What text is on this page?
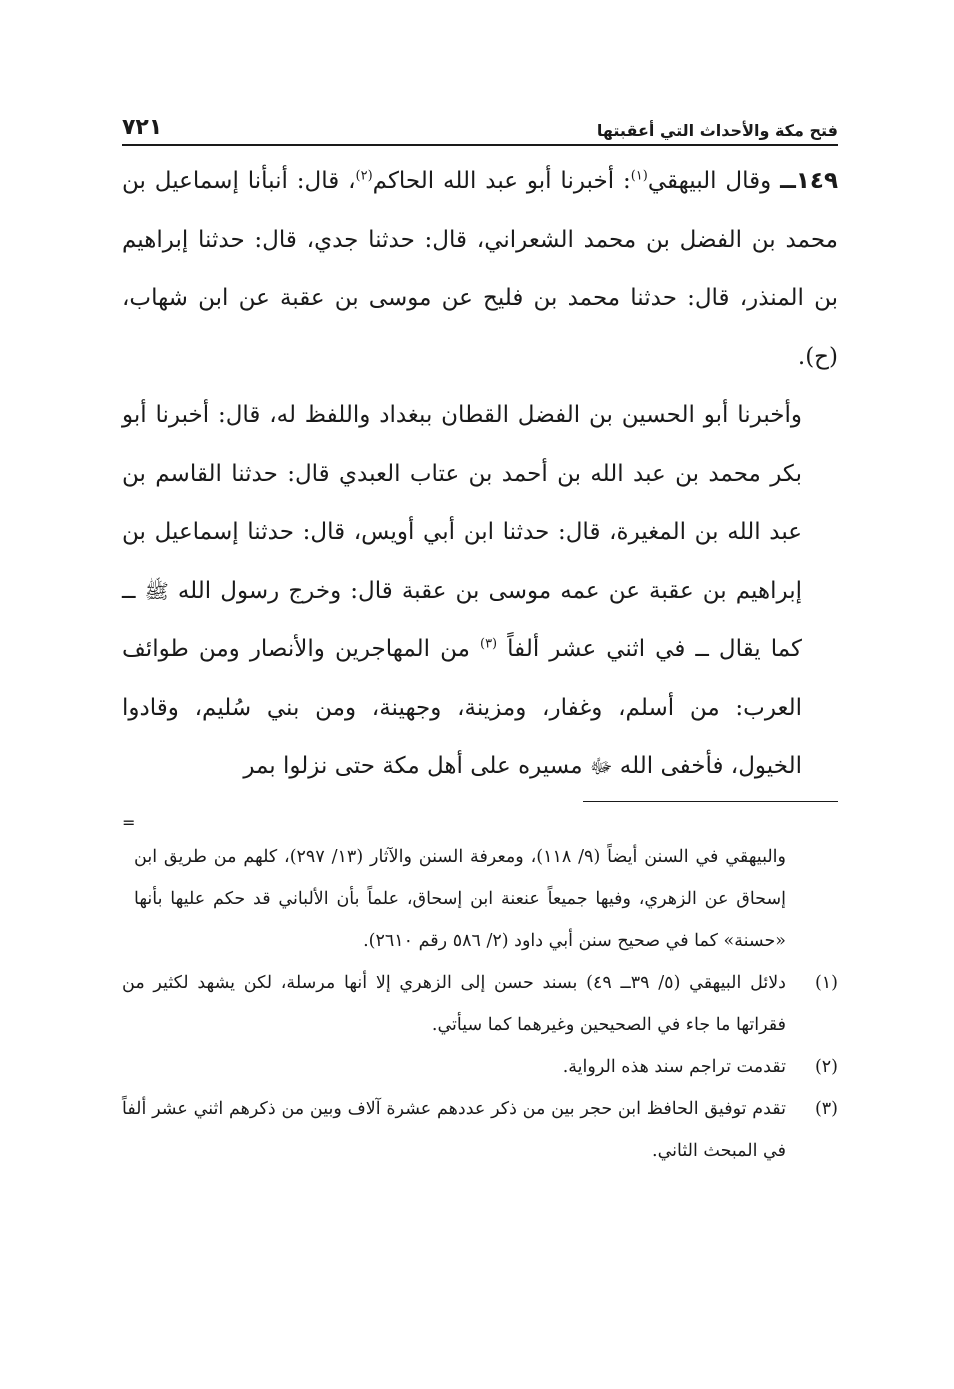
فتح مكة والأحداث التي أعقبتها
٧٢١

١٤٩ــ وقال البيهقي$^{(١)}$: أخبرنا أبو عبد الله الحاكم$^{(٢)}$، قال: أنبأنا إسماعيل بن محمد بن الفضل بن محمد الشعراني، قال: حدثنا جدي، قال: حدثنا إبراهيم بن المنذر، قال: حدثنا محمد بن فليح عن موسى بن عقبة عن ابن شهاب، (ح).

وأخبرنا أبو الحسين بن الفضل القطان ببغداد واللفظ له، قال: أخبرنا أبو بكر محمد بن عبد الله بن أحمد بن عتاب العبدي قال: حدثنا القاسم بن عبد الله بن المغيرة، قال: حدثنا ابن أبي أويس، قال: حدثنا إسماعيل بن إبراهيم بن عقبة عن عمه موسى بن عقبة قال: وخرج رسول الله ﷺ ــ كما يقال ــ في اثني عشر ألفاً $^{(٣)}$ من المهاجرين والأنصار ومن طوائف العرب: من أسلم، وغفار، ومزينة، وجهينة، ومن بني سُليم، وقادوا الخيول، فأخفى الله ﷻ مسيره على أهل مكة حتى نزلوا بمر

=

والبيهقي في السنن أيضاً (٩/ ١١٨)، ومعرفة السنن والآثار (١٣/ ٢٩٧)، كلهم من طريق ابن إسحاق عن الزهري، وفيها جميعاً عنعنة ابن إسحاق، علماً بأن الألباني قد حكم عليها بأنها «حسنة» كما في صحيح سنن أبي داود (٢/ ٥٨٦ رقم ٢٦١٠).

(١)

دلائل البيهقي (٥/ ٣٩ــ ٤٩) بسند حسن إلى الزهري إلا أنها مرسلة، لكن يشهد لكثير من فقراتها ما جاء في الصحيحين وغيرهما كما سيأتي.

(٢)

تقدمت تراجم سند هذه الرواية.

(٣)

تقدم توفيق الحافظ ابن حجر بين من ذكر عددهم عشرة آلاف وبين من ذكرهم اثني عشر ألفاً في المبحث الثاني.
